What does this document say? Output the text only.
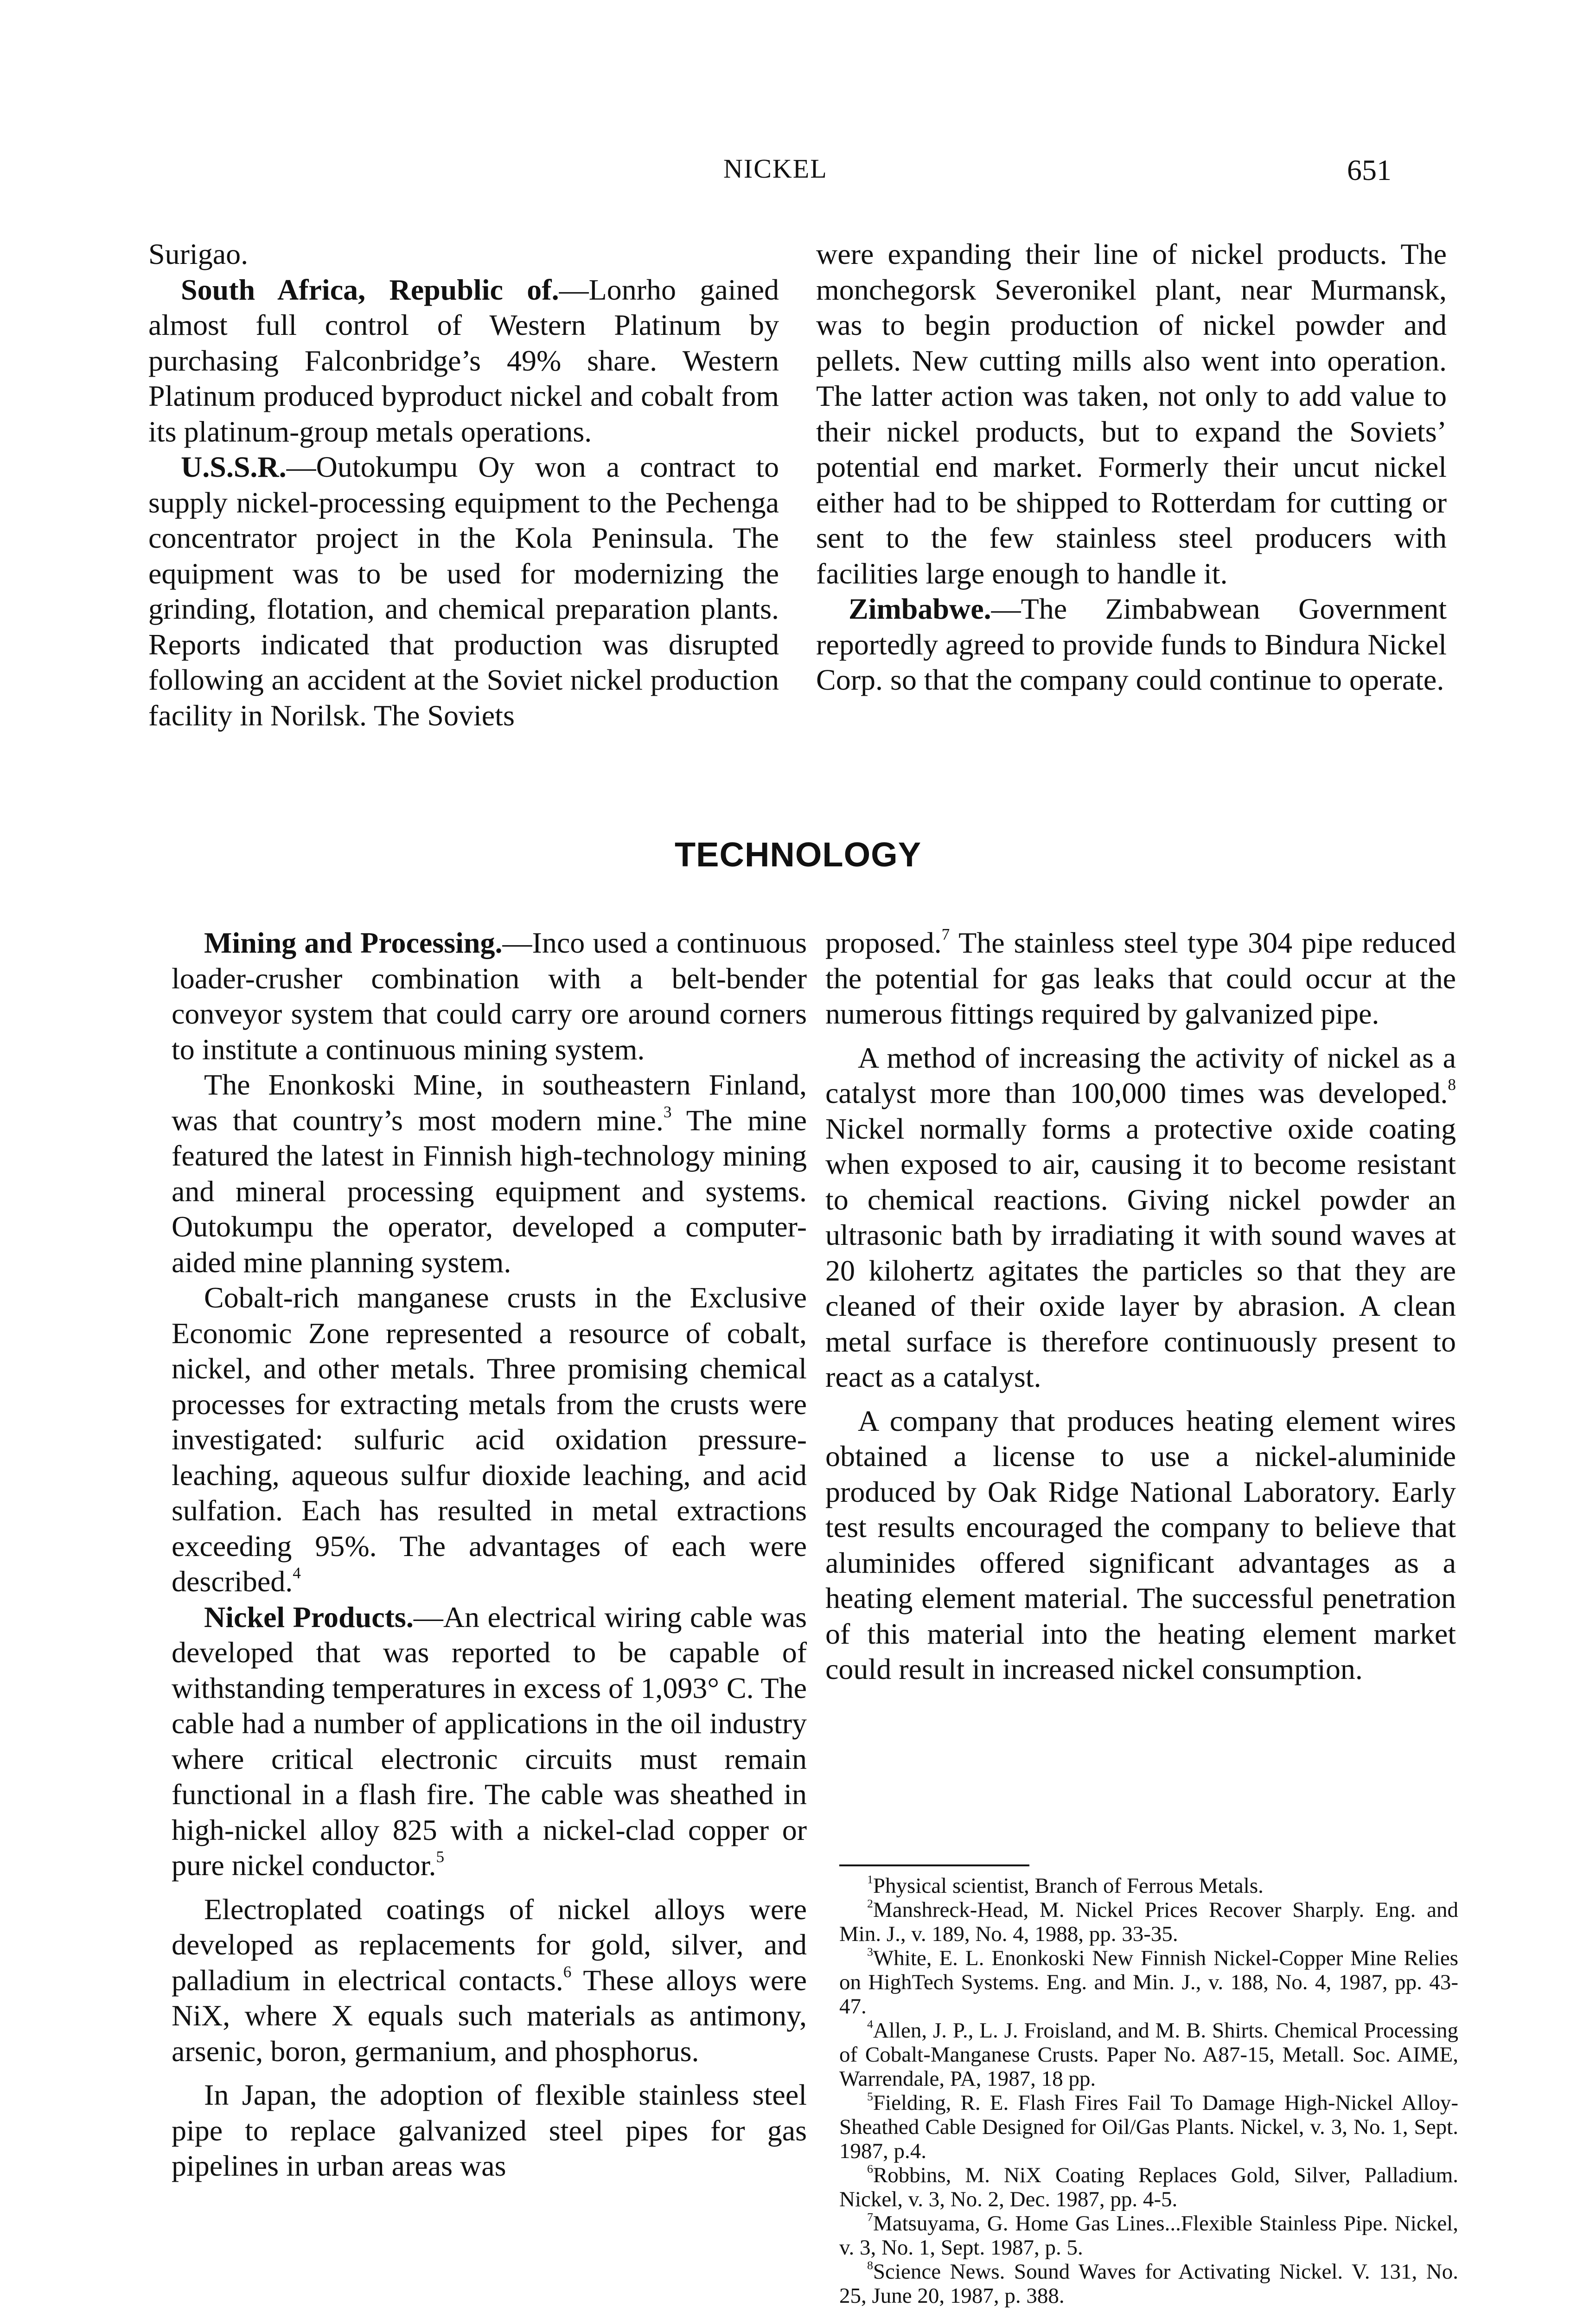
NICKEL	651

Surigao.

South Africa, Republic of.—Lonrho gained almost full control of Western Platinum by purchasing Falconbridge’s 49% share. Western Platinum produced byproduct nickel and cobalt from its platinum-group metals operations.

U.S.S.R.—Outokumpu Oy won a contract to supply nickel-processing equipment to the Pechenga concentrator project in the Kola Peninsula. The equipment was to be used for modernizing the grinding, flotation, and chemical preparation plants. Reports indicated that production was disrupted following an accident at the Soviet nickel production facility in Norilsk. The Soviets

were expanding their line of nickel products. The monchegorsk Severonikel plant, near Murmansk, was to begin production of nickel powder and pellets. New cutting mills also went into operation. The latter action was taken, not only to add value to their nickel products, but to expand the Soviets’ potential end market. Formerly their uncut nickel either had to be shipped to Rotterdam for cutting or sent to the few stainless steel producers with facilities large enough to handle it.

Zimbabwe.—The Zimbabwean Government reportedly agreed to provide funds to Bindura Nickel Corp. so that the company could continue to operate.

TECHNOLOGY

Mining and Processing.—Inco used a continuous loader-crusher combination with a belt-bender conveyor system that could carry ore around corners to institute a continuous mining system.

The Enonkoski Mine, in southeastern Finland, was that country’s most modern mine.$^3$ The mine featured the latest in Finnish high-technology mining and mineral processing equipment and systems. Outokumpu the operator, developed a computer-aided mine planning system.

Cobalt-rich manganese crusts in the Exclusive Economic Zone represented a resource of cobalt, nickel, and other metals. Three promising chemical processes for extracting metals from the crusts were investigated: sulfuric acid oxidation pressure-leaching, aqueous sulfur dioxide leaching, and acid sulfation. Each has resulted in metal extractions exceeding 95%. The advantages of each were described.$^4$

Nickel Products.—An electrical wiring cable was developed that was reported to be capable of withstanding temperatures in excess of 1,093° C. The cable had a number of applications in the oil industry where critical electronic circuits must remain functional in a flash fire. The cable was sheathed in high-nickel alloy 825 with a nickel-clad copper or pure nickel conductor.$^5$

Electroplated coatings of nickel alloys were developed as replacements for gold, silver, and palladium in electrical contacts.$^6$ These alloys were NiX, where X equals such materials as antimony, arsenic, boron, germanium, and phosphorus.

In Japan, the adoption of flexible stainless steel pipe to replace galvanized steel pipes for gas pipelines in urban areas was

proposed.$^7$ The stainless steel type 304 pipe reduced the potential for gas leaks that could occur at the numerous fittings required by galvanized pipe.

A method of increasing the activity of nickel as a catalyst more than 100,000 times was developed.$^8$ Nickel normally forms a protective oxide coating when exposed to air, causing it to become resistant to chemical reactions. Giving nickel powder an ultrasonic bath by irradiating it with sound waves at 20 kilohertz agitates the particles so that they are cleaned of their oxide layer by abrasion. A clean metal surface is therefore continuously present to react as a catalyst.

A company that produces heating element wires obtained a license to use a nickel-aluminide produced by Oak Ridge National Laboratory. Early test results encouraged the company to believe that aluminides offered significant advantages as a heating element material. The successful penetration of this material into the heating element market could result in increased nickel consumption.

$^1$Physical scientist, Branch of Ferrous Metals.

$^2$Manshreck-Head, M. Nickel Prices Recover Sharply. Eng. and Min. J., v. 189, No. 4, 1988, pp. 33-35.

$^3$White, E. L. Enonkoski New Finnish Nickel-Copper Mine Relies on HighTech Systems. Eng. and Min. J., v. 188, No. 4, 1987, pp. 43-47.

$^4$Allen, J. P., L. J. Froisland, and M. B. Shirts. Chemical Processing of Cobalt-Manganese Crusts. Paper No. A87-15, Metall. Soc. AIME, Warrendale, PA, 1987, 18 pp.

$^5$Fielding, R. E. Flash Fires Fail To Damage High-Nickel Alloy-Sheathed Cable Designed for Oil/Gas Plants. Nickel, v. 3, No. 1, Sept. 1987, p.4.

$^6$Robbins, M. NiX Coating Replaces Gold, Silver, Palladium. Nickel, v. 3, No. 2, Dec. 1987, pp. 4-5.

$^7$Matsuyama, G. Home Gas Lines...Flexible Stainless Pipe. Nickel, v. 3, No. 1, Sept. 1987, p. 5.

$^8$Science News. Sound Waves for Activating Nickel. V. 131, No. 25, June 20, 1987, p. 388.
